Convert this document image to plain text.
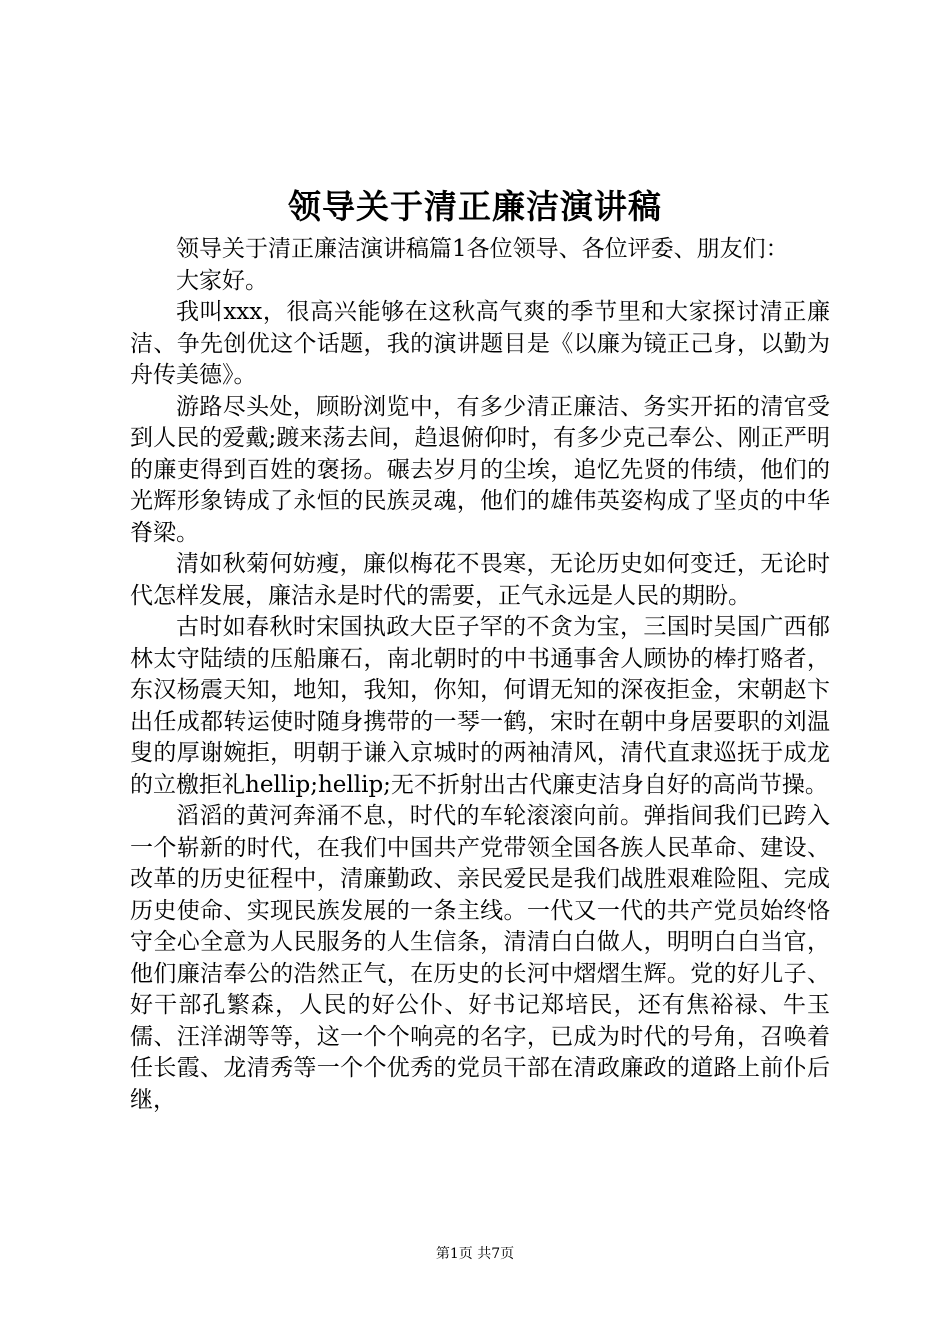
领导关于清正廉洁演讲稿

领导关于清正廉洁演讲稿篇1各位领导、各位评委、朋友们：

大家好。

我叫xxx，很高兴能够在这秋高气爽的季节里和大家探讨清正廉洁、争先创优这个话题，我的演讲题目是《以廉为镜正己身，以勤为舟传美德》。

游路尽头处，顾盼浏览中，有多少清正廉洁、务实开拓的清官受到人民的爱戴;踱来荡去间，趋退俯仰时，有多少克己奉公、刚正严明的廉吏得到百姓的褒扬。碾去岁月的尘埃，追忆先贤的伟绩，他们的光辉形象铸成了永恒的民族灵魂，他们的雄伟英姿构成了坚贞的中华脊梁。

清如秋菊何妨瘦，廉似梅花不畏寒，无论历史如何变迁，无论时代怎样发展，廉洁永是时代的需要，正气永远是人民的期盼。

古时如春秋时宋国执政大臣子罕的不贪为宝，三国时吴国广西郁林太守陆绩的压船廉石，南北朝时的中书通事舍人顾协的棒打赂者，东汉杨震天知，地知，我知，你知，何谓无知的深夜拒金，宋朝赵卞出任成都转运使时随身携带的一琴一鹤，宋时在朝中身居要职的刘温叟的厚谢婉拒，明朝于谦入京城时的两袖清风，清代直隶巡抚于成龙的立檄拒礼hellip;hellip;无不折射出古代廉吏洁身自好的高尚节操。

滔滔的黄河奔涌不息，时代的车轮滚滚向前。弹指间我们已跨入一个崭新的时代，在我们中国共产党带领全国各族人民革命、建设、改革的历史征程中，清廉勤政、亲民爱民是我们战胜艰难险阻、完成历史使命、实现民族发展的一条主线。一代又一代的共产党员始终恪守全心全意为人民服务的人生信条，清清白白做人，明明白白当官，他们廉洁奉公的浩然正气，在历史的长河中熠熠生辉。党的好儿子、好干部孔繁森，人民的好公仆、好书记郑培民，还有焦裕禄、牛玉儒、汪洋湖等等，这一个个响亮的名字，已成为时代的号角，召唤着任长霞、龙清秀等一个个优秀的党员干部在清政廉政的道路上前仆后继，

第1页 共7页
